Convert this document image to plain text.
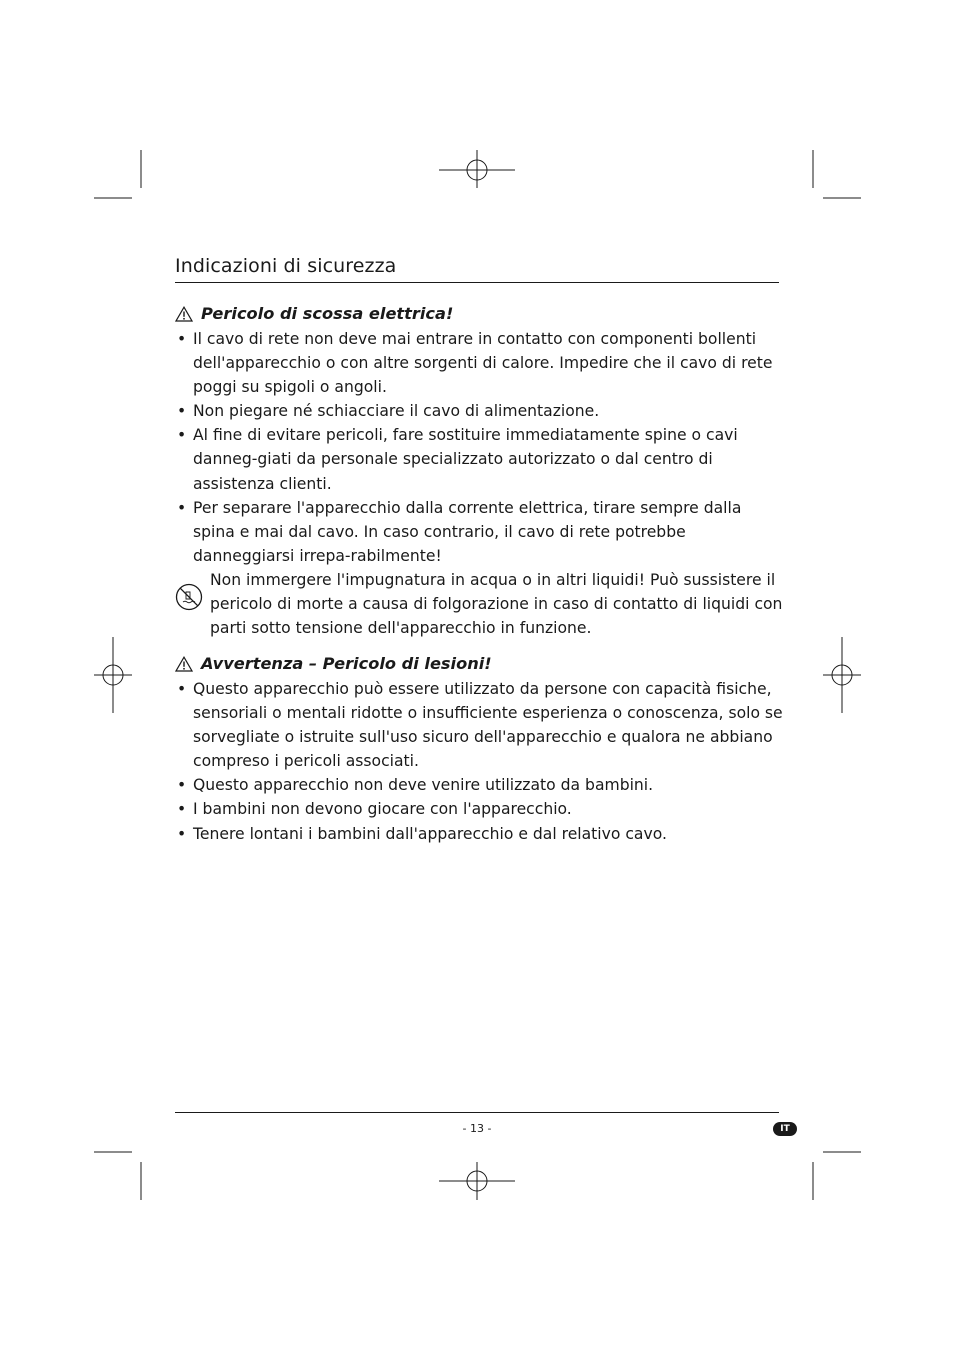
Indicazioni di sicurezza
Pericolo di scossa elettrica!
• Il cavo di rete non deve mai entrare in contatto con componenti bollenti dell'apparecchio o con altre sorgenti di calore. Impedire che il cavo di rete poggi su spigoli o angoli.
• Non piegare né schiacciare il cavo di alimentazione.
• Al fine di evitare pericoli, fare sostituire immediatamente spine o cavi danneg-giati da personale specializzato autorizzato o dal centro di assistenza clienti.
• Per separare l'apparecchio dalla corrente elettrica, tirare sempre dalla spina e mai dal cavo. In caso contrario, il cavo di rete potrebbe danneggiarsi irrepa-rabilmente!
Non immergere l'impugnatura in acqua o in altri liquidi! Può sussistere il pericolo di morte a causa di folgorazione in caso di contatto di liquidi con parti sotto tensione dell'apparecchio in funzione.
Avvertenza – Pericolo di lesioni!
• Questo apparecchio può essere utilizzato da persone con capacità fisiche, sensoriali o mentali ridotte o insufficiente esperienza o conoscenza, solo se sorvegliate o istruite sull'uso sicuro dell'apparecchio e qualora ne abbiano compreso i pericoli associati.
• Questo apparecchio non deve venire utilizzato da bambini.
• I bambini non devono giocare con l'apparecchio.
• Tenere lontani i bambini dall'apparecchio e dal relativo cavo.
- 13 -	IT
